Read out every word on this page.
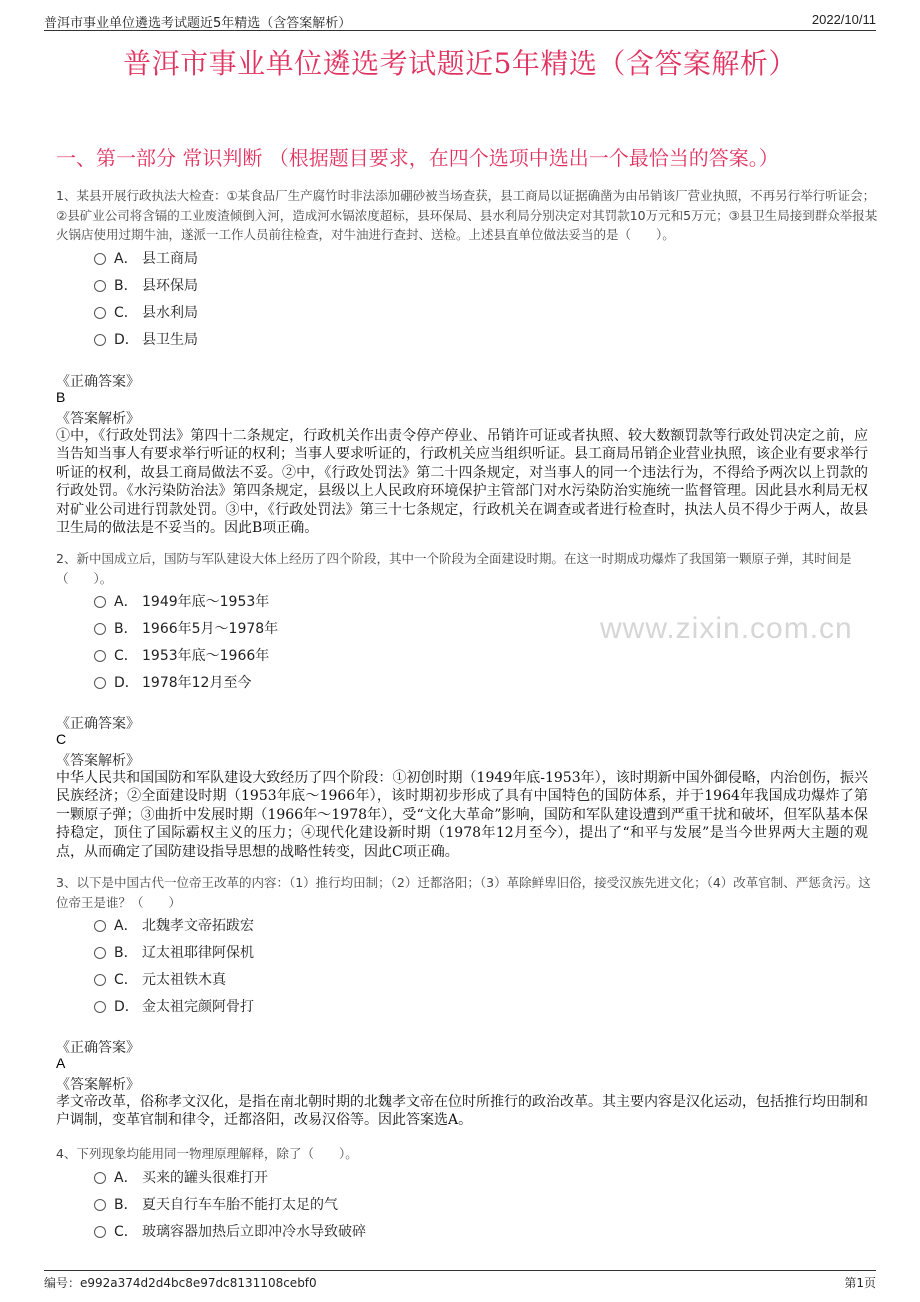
普洱市事业单位遴选考试题近5年精选（含答案解析）	2022/10/11
普洱市事业单位遴选考试题近5年精选（含答案解析）
一、第一部分 常识判断 （根据题目要求，在四个选项中选出一个最恰当的答案。）
www.zixin.com.cn
1、某县开展行政执法大检查：①某食品厂生产腐竹时非法添加硼砂被当场查获，县工商局以证据确凿为由吊销该厂营业执照，不再另行举行听证会；②县矿业公司将含镉的工业废渣倾倒入河，造成河水镉浓度超标，县环保局、县水利局分别决定对其罚款10万元和5万元；③县卫生局接到群众举报某火锅店使用过期牛油，遂派一工作人员前往检查，对牛油进行查封、送检。上述县直单位做法妥当的是（　　）。
A． 县工商局
B． 县环保局
C． 县水利局
D． 县卫生局
《正确答案》
B
《答案解析》
①中，《行政处罚法》第四十二条规定，行政机关作出责令停产停业、吊销许可证或者执照、较大数额罚款等行政处罚决定之前，应当告知当事人有要求举行听证的权利；当事人要求听证的，行政机关应当组织听证。县工商局吊销企业营业执照，该企业有要求举行听证的权利，故县工商局做法不妥。②中，《行政处罚法》第二十四条规定，对当事人的同一个违法行为，不得给予两次以上罚款的行政处罚。《水污染防治法》第四条规定，县级以上人民政府环境保护主管部门对水污染防治实施统一监督管理。因此县水利局无权对矿业公司进行罚款处罚。③中，《行政处罚法》第三十七条规定，行政机关在调查或者进行检查时，执法人员不得少于两人，故县卫生局的做法是不妥当的。因此B项正确。
2、新中国成立后，国防与军队建设大体上经历了四个阶段，其中一个阶段为全面建设时期。在这一时期成功爆炸了我国第一颗原子弹，其时间是（　　）。
A． 1949年底～1953年
B． 1966年5月～1978年
C． 1953年底～1966年
D． 1978年12月至今
《正确答案》
C
《答案解析》
中华人民共和国国防和军队建设大致经历了四个阶段：①初创时期（1949年底-1953年），该时期新中国外御侵略，内治创伤，振兴民族经济；②全面建设时期（1953年底～1966年），该时期初步形成了具有中国特色的国防体系，并于1964年我国成功爆炸了第一颗原子弹；③曲折中发展时期（1966年～1978年），受“文化大革命”影响，国防和军队建设遭到严重干扰和破坏，但军队基本保持稳定，顶住了国际霸权主义的压力；④现代化建设新时期（1978年12月至今），提出了“和平与发展”是当今世界两大主题的观点，从而确定了国防建设指导思想的战略性转变，因此C项正确。
3、以下是中国古代一位帝王改革的内容：（1）推行均田制；（2）迁都洛阳；（3）革除鲜卑旧俗，接受汉族先进文化；（4）改革官制、严惩贪污。这位帝王是谁？（　　）
A． 北魏孝文帝拓跋宏
B． 辽太祖耶律阿保机
C． 元太祖铁木真
D． 金太祖完颜阿骨打
《正确答案》
A
《答案解析》
孝文帝改革，俗称孝文汉化，是指在南北朝时期的北魏孝文帝在位时所推行的政治改革。其主要内容是汉化运动，包括推行均田制和户调制，变革官制和律令，迁都洛阳，改易汉俗等。因此答案选A。
4、下列现象均能用同一物理原理解释，除了（　　）。
A． 买来的罐头很难打开
B． 夏天自行车车胎不能打太足的气
C． 玻璃容器加热后立即冲冷水导致破碎
编号：e992a374d2d4bc8e97dc8131108cebf0	第1页
